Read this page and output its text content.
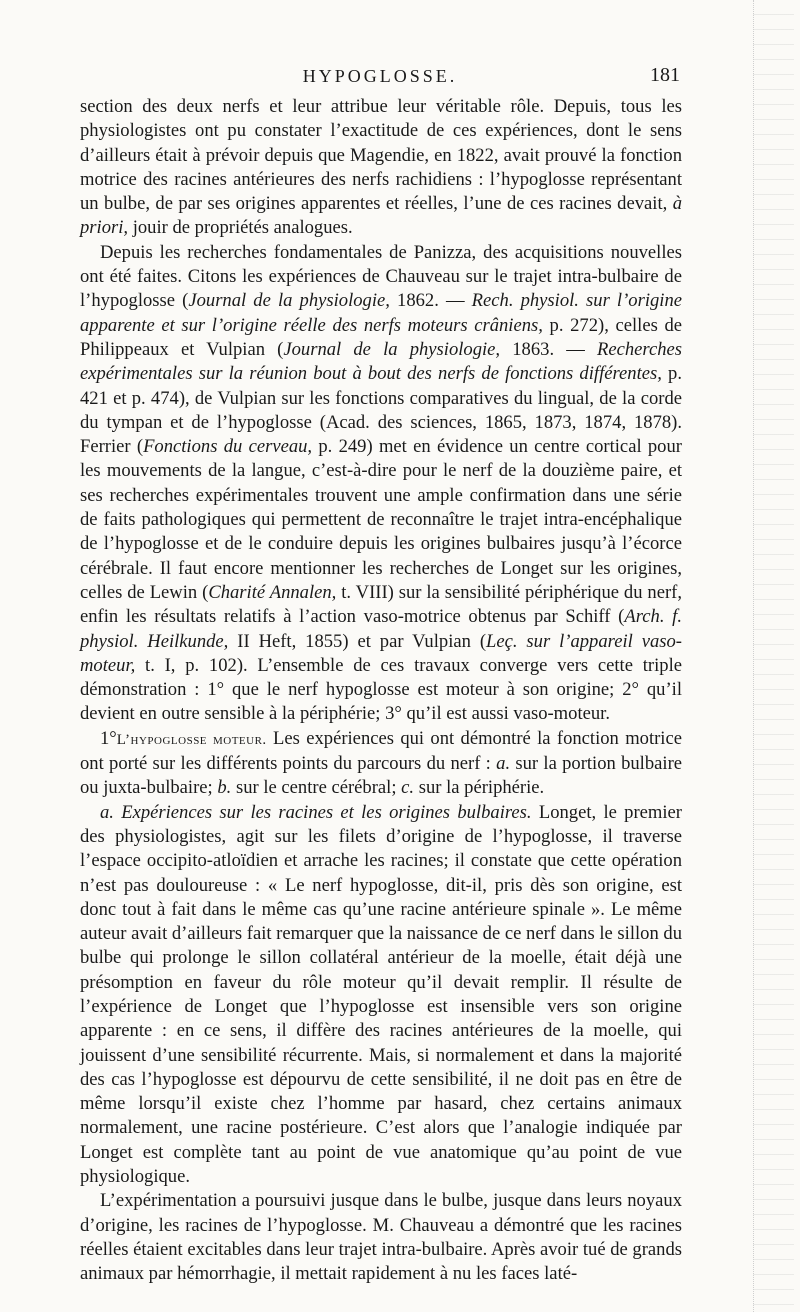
HYPOGLOSSE.	181

section des deux nerfs et leur attribue leur véritable rôle. Depuis, tous les physiologistes ont pu constater l’exactitude de ces expériences, dont le sens d’ailleurs était à prévoir depuis que Magendie, en 1822, avait prouvé la fonction motrice des racines antérieures des nerfs rachidiens : l’hypoglosse représentant un bulbe, de par ses origines apparentes et réelles, l’une de ces racines devait, à priori, jouir de propriétés analogues.

Depuis les recherches fondamentales de Panizza, des acquisitions nouvelles ont été faites. Citons les expériences de Chauveau sur le trajet intra-bulbaire de l’hypoglosse (Journal de la physiologie, 1862. — Rech. physiol. sur l’origine apparente et sur l’origine réelle des nerfs moteurs crâniens, p. 272), celles de Philippeaux et Vulpian (Journal de la physiologie, 1863. — Recherches expérimentales sur la réunion bout à bout des nerfs de fonctions différentes, p. 421 et p. 474), de Vulpian sur les fonctions comparatives du lingual, de la corde du tympan et de l’hypoglosse (Acad. des sciences, 1865, 1873, 1874, 1878). Ferrier (Fonctions du cerveau, p. 249) met en évidence un centre cortical pour les mouvements de la langue, c’est-à-dire pour le nerf de la douzième paire, et ses recherches expérimentales trouvent une ample confirmation dans une série de faits pathologiques qui permettent de reconnaître le trajet intra-encéphalique de l’hypoglosse et de le conduire depuis les origines bulbaires jusqu’à l’écorce cérébrale. Il faut encore mentionner les recherches de Longet sur les origines, celles de Lewin (Charité Annalen, t. VIII) sur la sensibilité périphérique du nerf, enfin les résultats relatifs à l’action vaso-motrice obtenus par Schiff (Arch. f. physiol. Heilkunde, II Heft, 1855) et par Vulpian (Leç. sur l’appareil vaso-moteur, t. I, p. 102). L’ensemble de ces travaux converge vers cette triple démonstration : 1° que le nerf hypoglosse est moteur à son origine; 2° qu’il devient en outre sensible à la périphérie; 3° qu’il est aussi vaso-moteur.

1°L’hypoglosse moteur. Les expériences qui ont démontré la fonction motrice ont porté sur les différents points du parcours du nerf : a. sur la portion bulbaire ou juxta-bulbaire; b. sur le centre cérébral; c. sur la périphérie.

a. Expériences sur les racines et les origines bulbaires. Longet, le premier des physiologistes, agit sur les filets d’origine de l’hypoglosse, il traverse l’espace occipito-atloïdien et arrache les racines; il constate que cette opération n’est pas douloureuse : « Le nerf hypoglosse, dit-il, pris dès son origine, est donc tout à fait dans le même cas qu’une racine antérieure spinale ». Le même auteur avait d’ailleurs fait remarquer que la naissance de ce nerf dans le sillon du bulbe qui prolonge le sillon collatéral antérieur de la moelle, était déjà une présomption en faveur du rôle moteur qu’il devait remplir. Il résulte de l’expérience de Longet que l’hypoglosse est insensible vers son origine apparente : en ce sens, il diffère des racines antérieures de la moelle, qui jouissent d’une sensibilité récurrente. Mais, si normalement et dans la majorité des cas l’hypoglosse est dépourvu de cette sensibilité, il ne doit pas en être de même lorsqu’il existe chez l’homme par hasard, chez certains animaux normalement, une racine postérieure. C’est alors que l’analogie indiquée par Longet est complète tant au point de vue anatomique qu’au point de vue physiologique.

L’expérimentation a poursuivi jusque dans le bulbe, jusque dans leurs noyaux d’origine, les racines de l’hypoglosse. M. Chauveau a démontré que les racines réelles étaient excitables dans leur trajet intra-bulbaire. Après avoir tué de grands animaux par hémorrhagie, il mettait rapidement à nu les faces laté-
